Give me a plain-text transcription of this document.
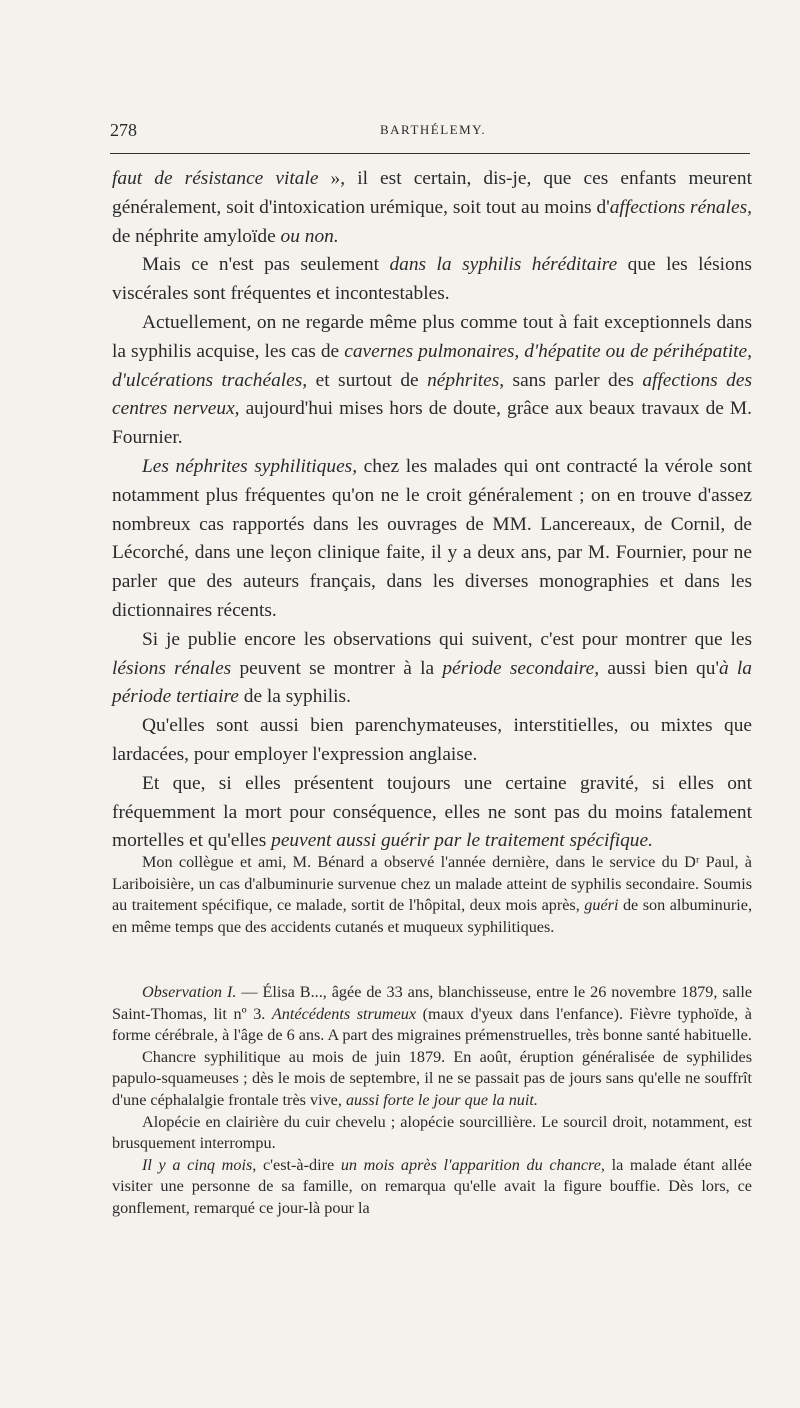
278	BARTHÉLEMY.

faut de résistance vitale », il est certain, dis-je, que ces enfants meurent généralement, soit d'intoxication urémique, soit tout au moins d'affections rénales, de néphrite amyloïde ou non.

Mais ce n'est pas seulement dans la syphilis héréditaire que les lésions viscérales sont fréquentes et incontestables.

Actuellement, on ne regarde même plus comme tout à fait exceptionnels dans la syphilis acquise, les cas de cavernes pulmonaires, d'hépatite ou de périhépatite, d'ulcérations trachéales, et surtout de néphrites, sans parler des affections des centres nerveux, aujourd'hui mises hors de doute, grâce aux beaux travaux de M. Fournier.

Les néphrites syphilitiques, chez les malades qui ont contracté la vérole sont notamment plus fréquentes qu'on ne le croit généralement ; on en trouve d'assez nombreux cas rapportés dans les ouvrages de MM. Lancereaux, de Cornil, de Lécorché, dans une leçon clinique faite, il y a deux ans, par M. Fournier, pour ne parler que des auteurs français, dans les diverses monographies et dans les dictionnaires récents.

Si je publie encore les observations qui suivent, c'est pour montrer que les lésions rénales peuvent se montrer à la période secondaire, aussi bien qu'à la période tertiaire de la syphilis.

Qu'elles sont aussi bien parenchymateuses, interstitielles, ou mixtes que lardacées, pour employer l'expression anglaise.

Et que, si elles présentent toujours une certaine gravité, si elles ont fréquemment la mort pour conséquence, elles ne sont pas du moins fatalement mortelles et qu'elles peuvent aussi guérir par le traitement spécifique.

Mon collègue et ami, M. Bénard a observé l'année dernière, dans le service du Dʳ Paul, à Lariboisière, un cas d'albuminurie survenue chez un malade atteint de syphilis secondaire. Soumis au traitement spécifique, ce malade, sortit de l'hôpital, deux mois après, guéri de son albuminurie, en même temps que des accidents cutanés et muqueux syphilitiques.

Observation I. — Élisa B..., âgée de 33 ans, blanchisseuse, entre le 26 novembre 1879, salle Saint-Thomas, lit nº 3. Antécédents strumeux (maux d'yeux dans l'enfance). Fièvre typhoïde, à forme cérébrale, à l'âge de 6 ans. A part des migraines prémenstruelles, très bonne santé habituelle.

Chancre syphilitique au mois de juin 1879. En août, éruption généralisée de syphilides papulo-squameuses ; dès le mois de septembre, il ne se passait pas de jours sans qu'elle ne souffrît d'une céphalalgie frontale très vive, aussi forte le jour que la nuit.

Alopécie en clairière du cuir chevelu ; alopécie sourcillière. Le sourcil droit, notamment, est brusquement interrompu.

Il y a cinq mois, c'est-à-dire un mois après l'apparition du chancre, la malade étant allée visiter une personne de sa famille, on remarqua qu'elle avait la figure bouffie. Dès lors, ce gonflement, remarqué ce jour-là pour la
